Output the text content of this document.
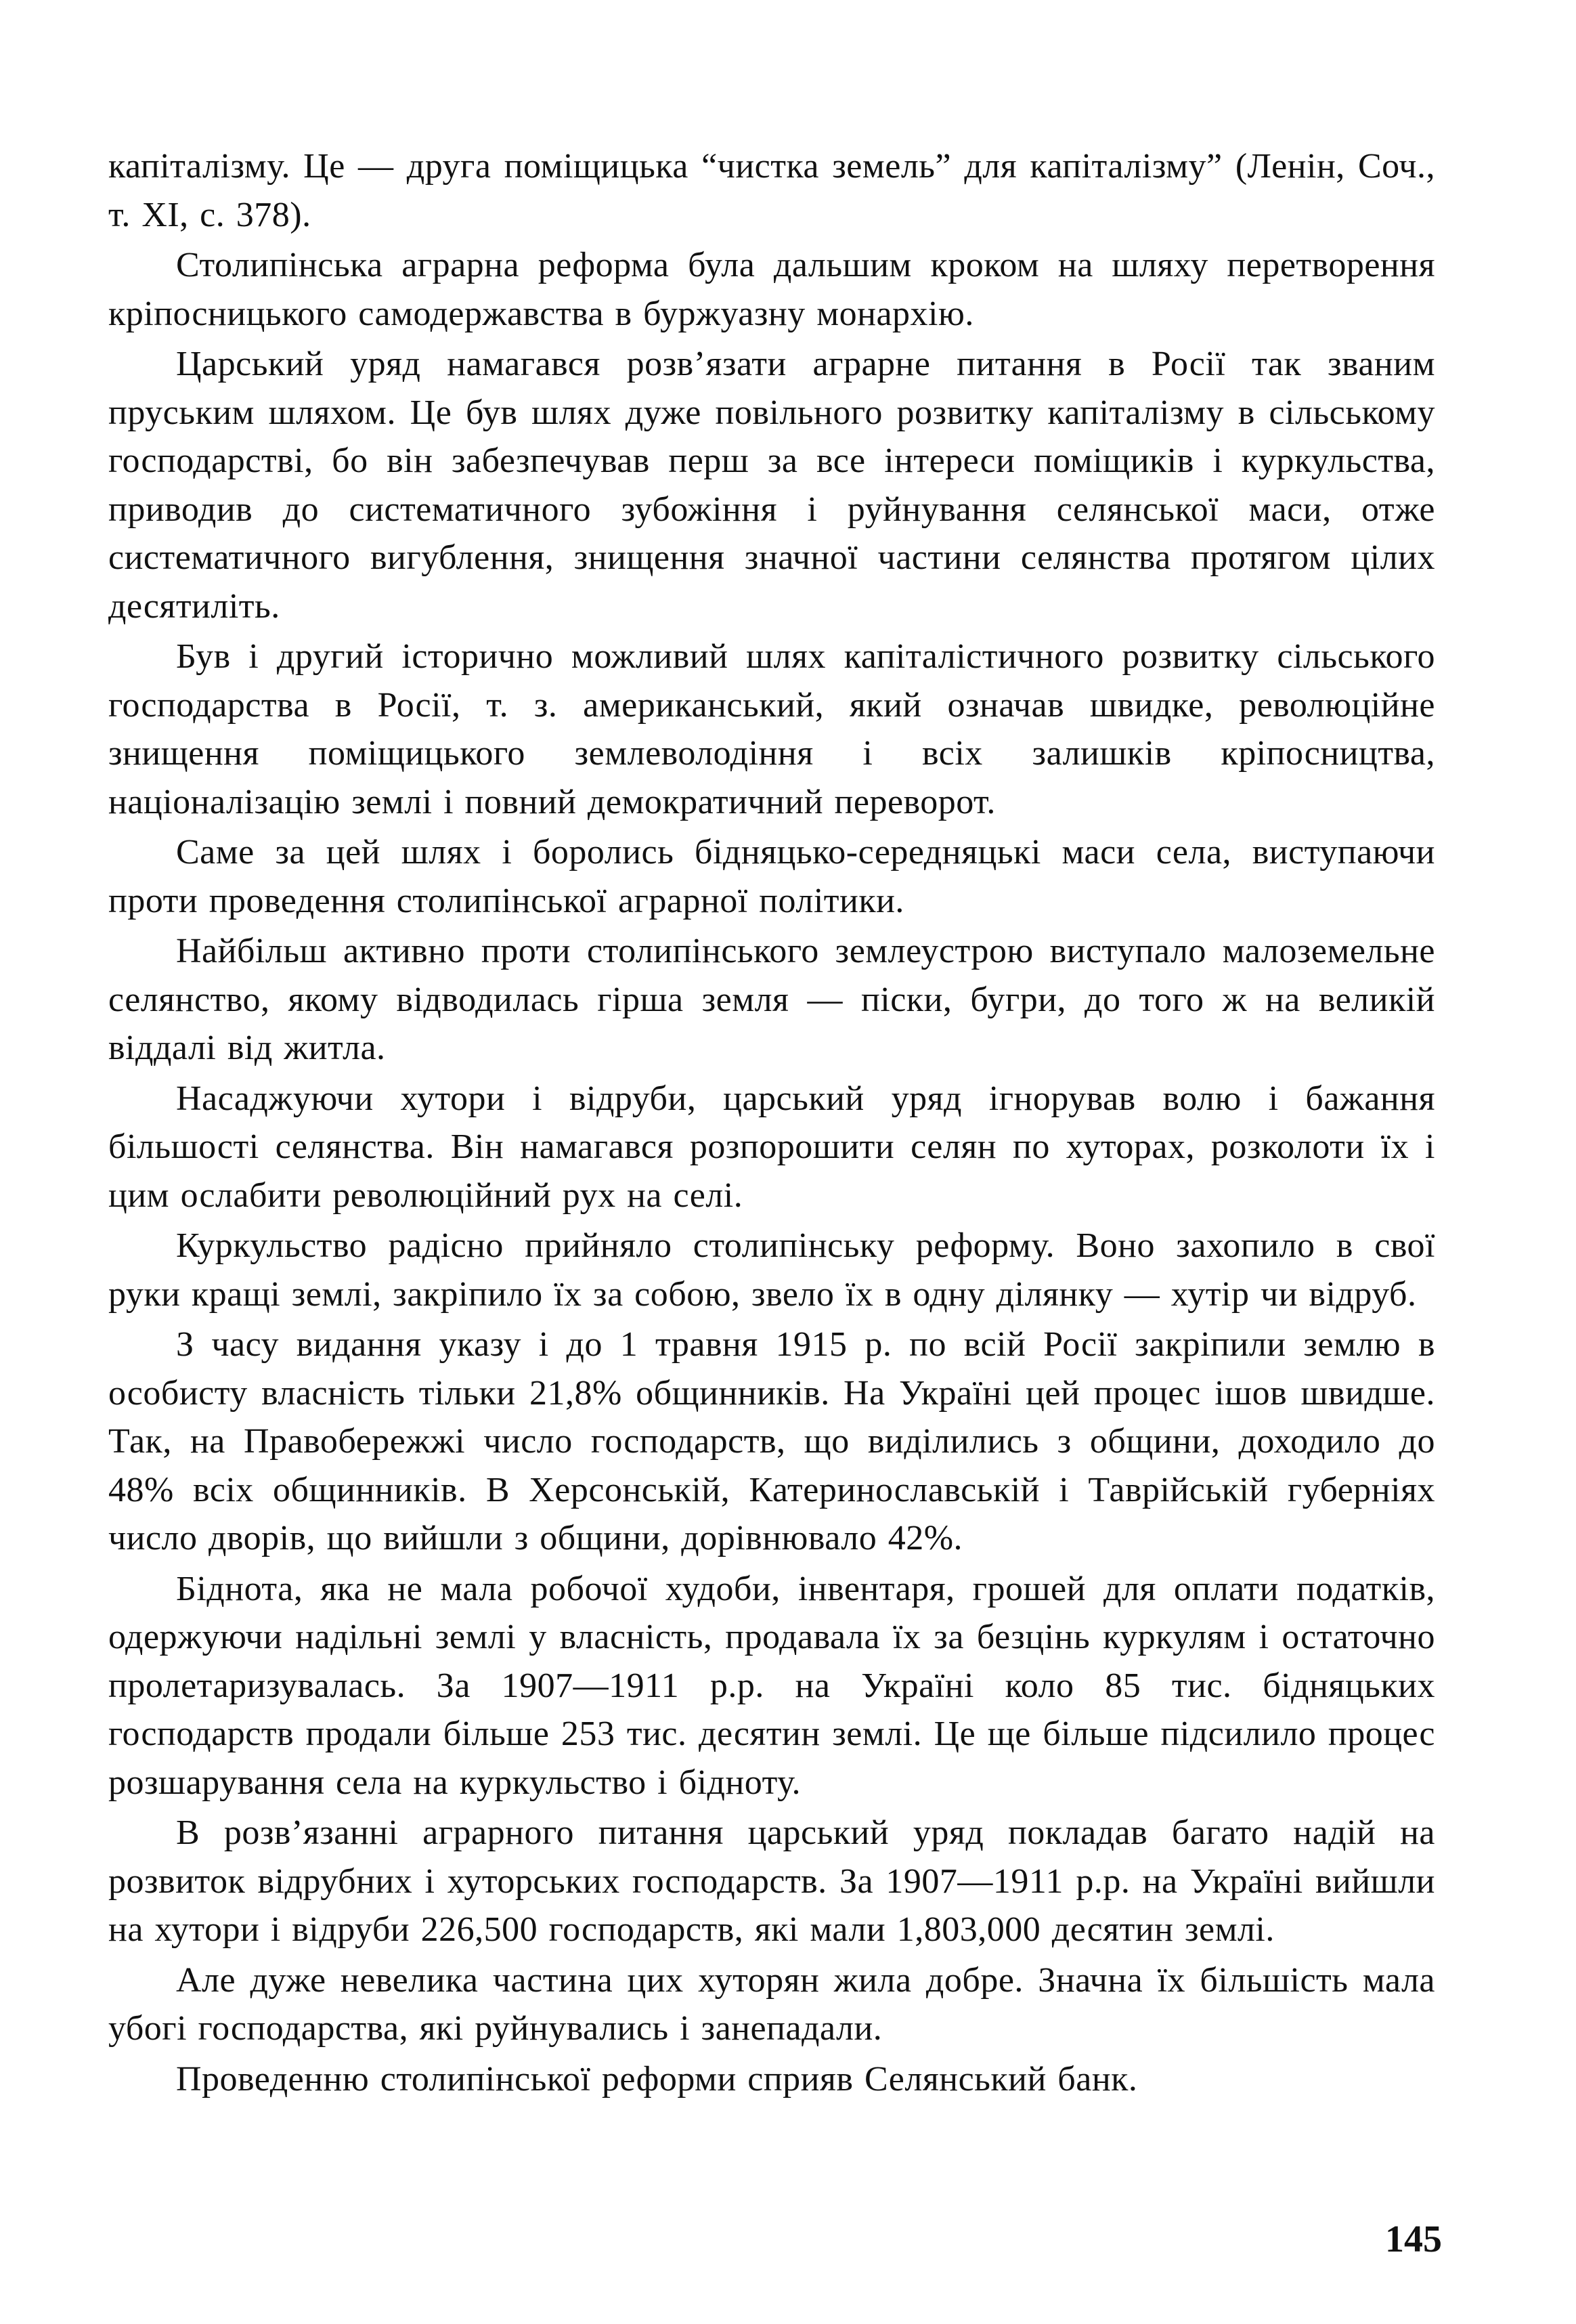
капіталізму. Це — друга поміщицька “чистка земель” для капіталізму” (Ленін, Соч., т. XI, с. 378).

Столипінська аграрна реформа була дальшим кроком на шляху перетворення кріпосницького самодержавства в буржуазну монархію.

Царський уряд намагався розв’язати аграрне питання в Росії так званим пруським шляхом. Це був шлях дуже повільного розвитку капіталізму в сільському господарстві, бо він забезпечував перш за все інтереси поміщиків і куркульства, приводив до систематичного зубожіння і руйнування селянської маси, отже систематичного вигублення, знищення значної частини селянства протягом цілих десятиліть.

Був і другий історично можливий шлях капіталістичного розвитку сільського господарства в Росії, т. з. американський, який означав швидке, революційне знищення поміщицького землеволодіння і всіх залишків кріпосництва, націоналізацію землі і повний демократичний переворот.

Саме за цей шлях і боролись бідняцько-середняцькі маси села, виступаючи проти проведення столипінської аграрної політики.

Найбільш активно проти столипінського землеустрою виступало малоземельне селянство, якому відводилась гірша земля — піски, бугри, до того ж на великій віддалі від житла.

Насаджуючи хутори і відруби, царський уряд ігнорував волю і бажання більшості селянства. Він намагався розпорошити селян по хуторах, розколоти їх і цим ослабити революційний рух на селі.

Куркульство радісно прийняло столипінську реформу. Воно захопило в свої руки кращі землі, закріпило їх за собою, звело їх в одну ділянку — хутір чи відруб.

З часу видання указу і до 1 травня 1915 р. по всій Росії закріпили землю в особисту власність тільки 21,8% общинників. На Україні цей процес ішов швидше. Так, на Правобережжі число господарств, що виділились з общини, доходило до 48% всіх общинників. В Херсонській, Катеринославській і Таврійській губерніях число дворів, що вийшли з общини, дорівнювало 42%.

Біднота, яка не мала робочої худоби, інвентаря, грошей для оплати податків, одержуючи надільні землі у власність, продавала їх за безцінь куркулям і остаточно пролетаризувалась. За 1907—1911 р.р. на Україні коло 85 тис. бідняцьких господарств продали більше 253 тис. десятин землі. Це ще більше підсилило процес розшарування села на куркульство і бідноту.

В розв’язанні аграрного питання царський уряд покладав багато надій на розвиток відрубних і хуторських господарств. За 1907—1911 р.р. на Україні вийшли на хутори і відруби 226,500 господарств, які мали 1,803,000 десятин землі.

Але дуже невелика частина цих хуторян жила добре. Значна їх більшість мала убогі господарства, які руйнувались і занепадали.

Проведенню столипінської реформи сприяв Селянський банк.

145
